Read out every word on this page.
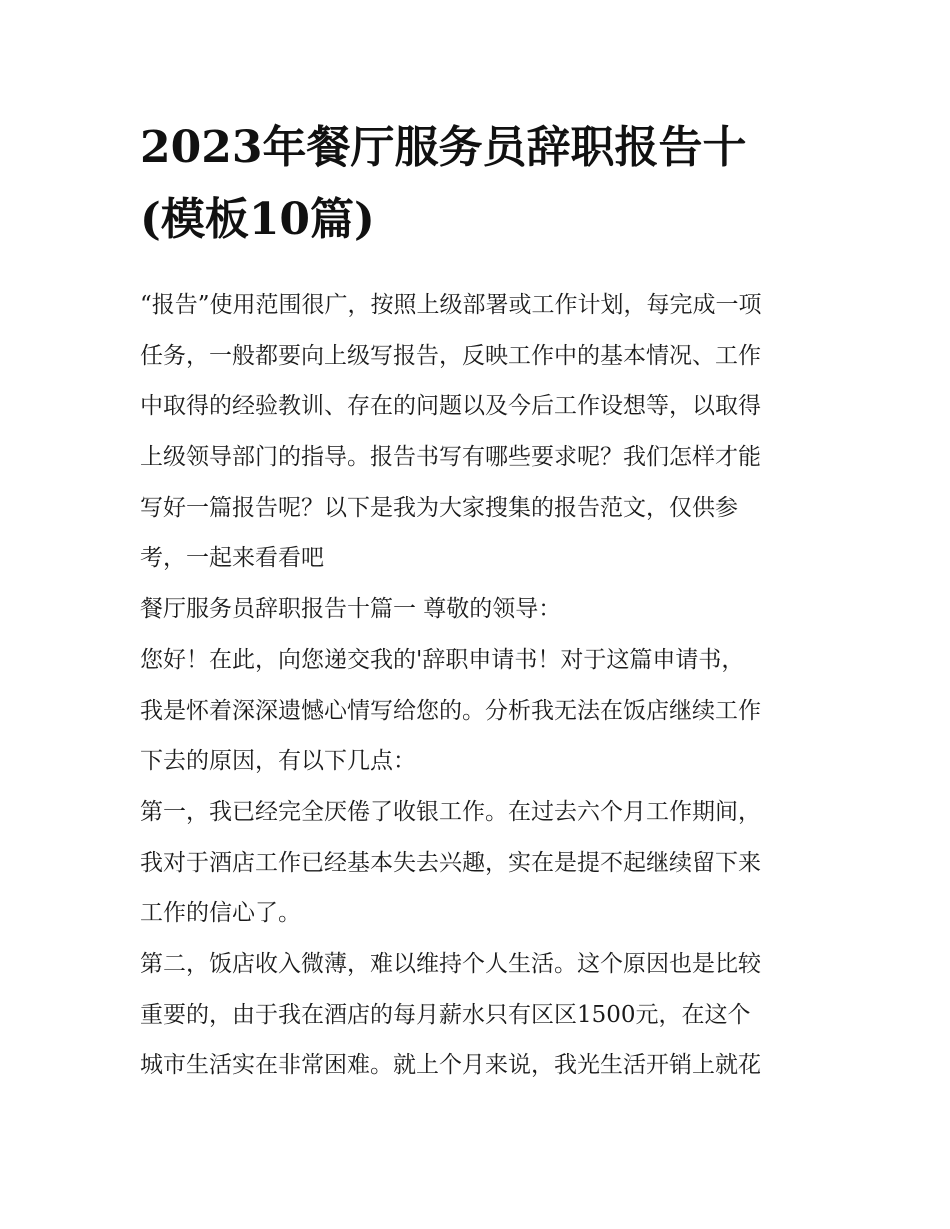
2023年餐厅服务员辞职报告十
(模板10篇)
“报告”使用范围很广，按照上级部署或工作计划，每完成一项
任务，一般都要向上级写报告，反映工作中的基本情况、工作
中取得的经验教训、存在的问题以及今后工作设想等，以取得
上级领导部门的指导。报告书写有哪些要求呢？我们怎样才能
写好一篇报告呢？以下是我为大家搜集的报告范文，仅供参
考，一起来看看吧
餐厅服务员辞职报告十篇一 尊敬的领导：
您好！在此，向您递交我的'辞职申请书！对于这篇申请书，
我是怀着深深遗憾心情写给您的。分析我无法在饭店继续工作
下去的原因，有以下几点：
第一，我已经完全厌倦了收银工作。在过去六个月工作期间，
我对于酒店工作已经基本失去兴趣，实在是提不起继续留下来
工作的信心了。
第二，饭店收入微薄，难以维持个人生活。这个原因也是比较
重要的，由于我在酒店的每月薪水只有区区1500元，在这个
城市生活实在非常困难。就上个月来说，我光生活开销上就花
